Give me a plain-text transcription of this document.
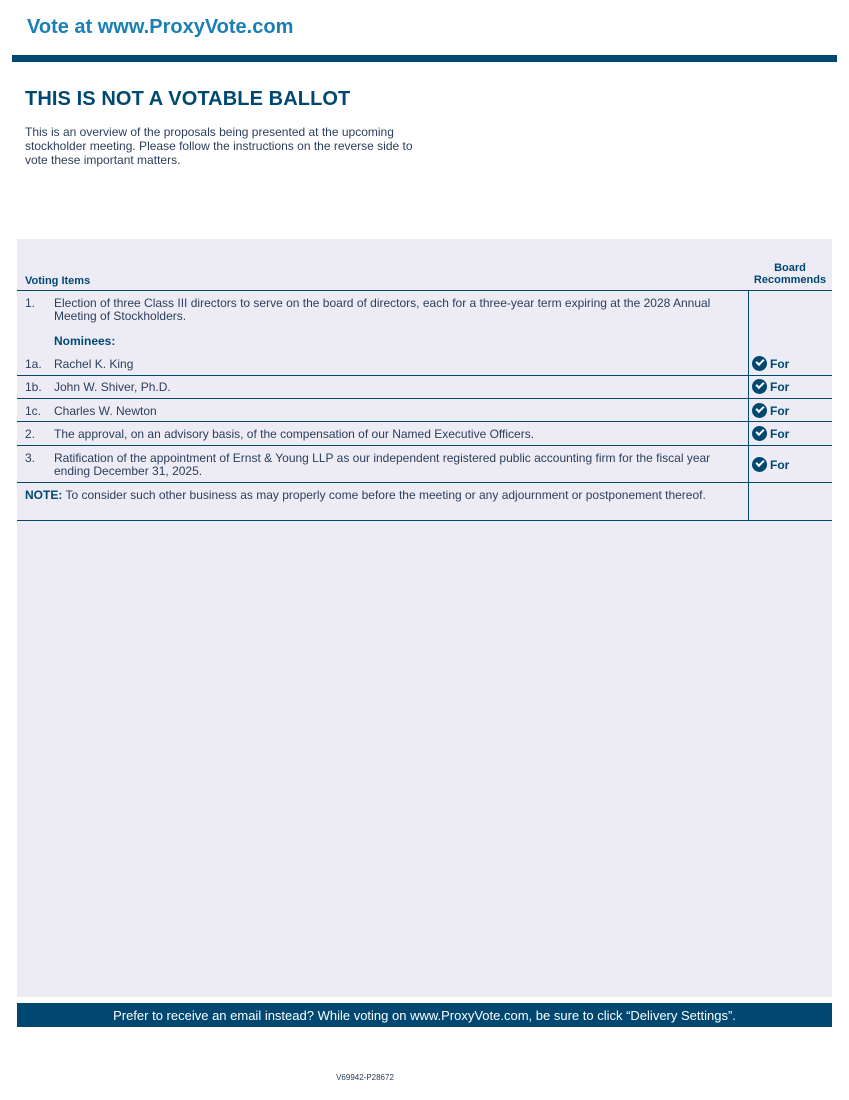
Vote at www.ProxyVote.com
THIS IS NOT A VOTABLE BALLOT

This is an overview of the proposals being presented at the upcoming stockholder meeting. Please follow the instructions on the reverse side to vote these important matters.

Voting Items
Board Recommends
1. Election of three Class III directors to serve on the board of directors, each for a three-year term expiring at the 2028 Annual Meeting of Stockholders.
Nominees:
1a. Rachel K. King	For
1b. John W. Shiver, Ph.D.	For
1c. Charles W. Newton	For
2. The approval, on an advisory basis, of the compensation of our Named Executive Officers.	For
3. Ratification of the appointment of Ernst & Young LLP as our independent registered public accounting firm for the fiscal year ending December 31, 2025.	For
NOTE: To consider such other business as may properly come before the meeting or any adjournment or postponement thereof.
Prefer to receive an email instead? While voting on www.ProxyVote.com, be sure to click “Delivery Settings”.
V69942-P28672
